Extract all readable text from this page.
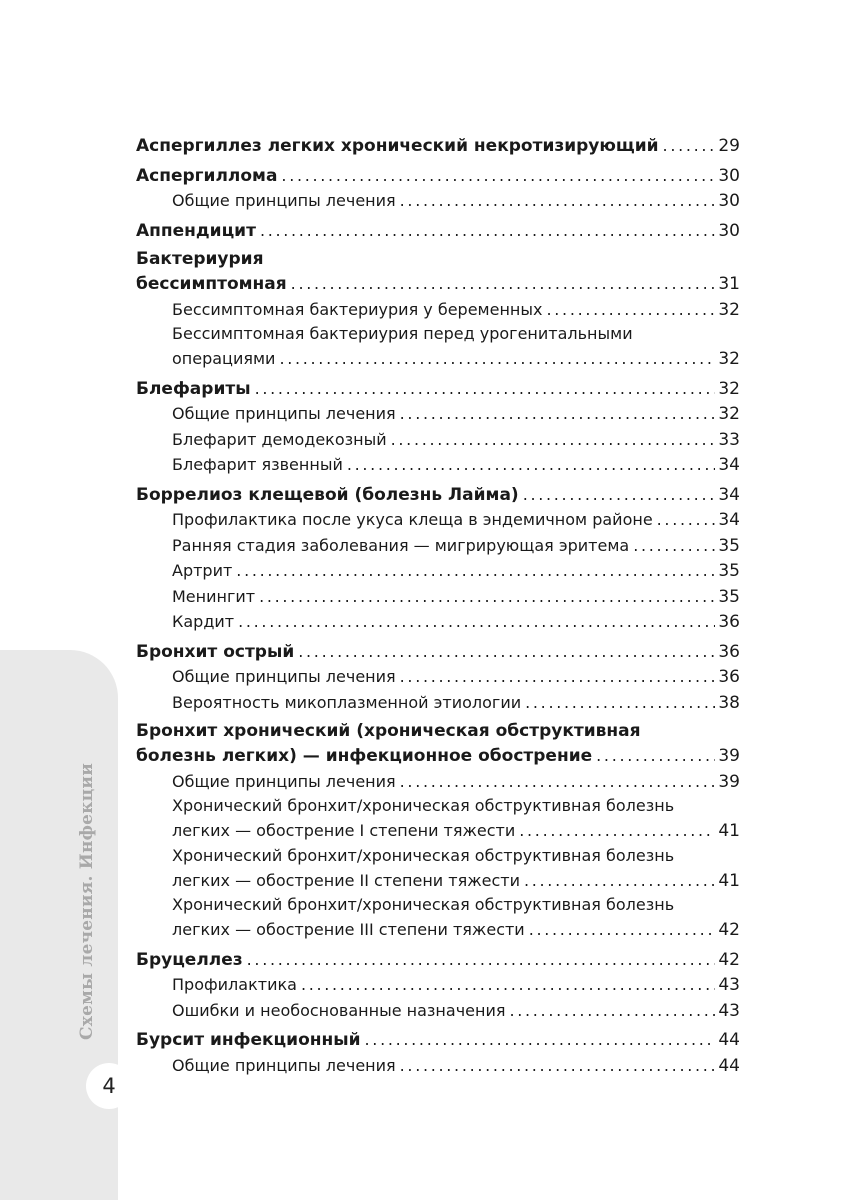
Схемы лечения. Инфекции
4
Аспергиллез легких хронический некротизирующий . . .	29
Аспергиллома . . .	30
Общие принципы лечения . . .	30
Аппендицит . . .	30
Бактериурия
бессимптомная . . .	31
Бессимптомная бактериурия у беременных . . .	32
Бессимптомная бактериурия перед урогенитальными
операциями . . .	32
Блефариты . . .	32
Общие принципы лечения . . .	32
Блефарит демодекозный . . .	33
Блефарит язвенный . . .	34
Боррелиоз клещевой (болезнь Лайма) . . .	34
Профилактика после укуса клеща в эндемичном районе . . .	34
Ранняя стадия заболевания — мигрирующая эритема . . .	35
Артрит . . .	35
Менингит . . .	35
Кардит . . .	36
Бронхит острый . . .	36
Общие принципы лечения . . .	36
Вероятность микоплазменной этиологии . . .	38
Бронхит хронический (хроническая обструктивная
болезнь легких) — инфекционное обострение . . .	39
Общие принципы лечения . . .	39
Хронический бронхит/хроническая обструктивная болезнь
легких — обострение I степени тяжести . . .	41
Хронический бронхит/хроническая обструктивная болезнь
легких — обострение II степени тяжести . . .	41
Хронический бронхит/хроническая обструктивная болезнь
легких — обострение III степени тяжести . . .	42
Бруцеллез . . .	42
Профилактика . . .	43
Ошибки и необоснованные назначения . . .	43
Бурсит инфекционный . . .	44
Общие принципы лечения . . .	44
